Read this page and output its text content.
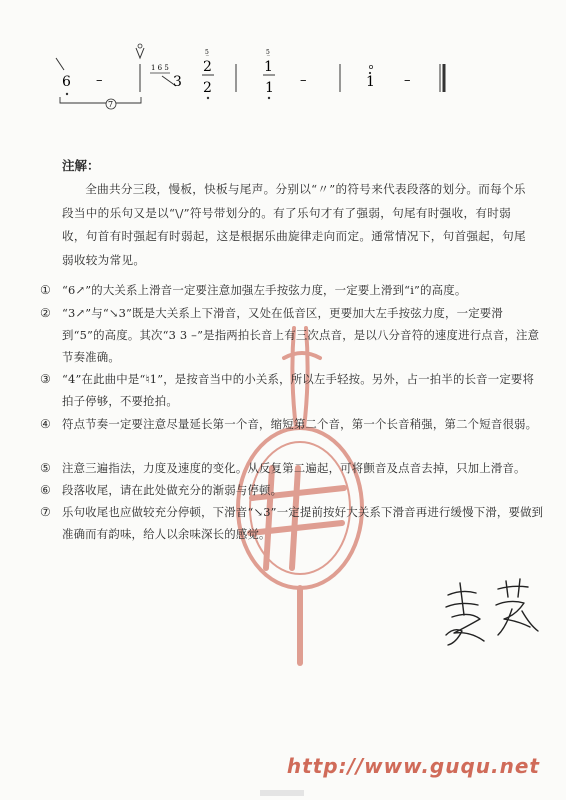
6 –
1 6 5
3
5̲
2
2
5̲
1
1 –	1 –
7
注解：
全曲共分三段，慢板，快板与尾声。分别以“〃”的符号来代表段落的划分。而每个乐段当中的乐句又是以“\/”符号带划分的。有了乐句才有了强弱，句尾有时强收，有时弱收，句首有时强起有时弱起，这是根据乐曲旋律走向而定。通常情况下，句首强起，句尾弱收较为常见。
① “6↗”的大关系上滑音一定要注意加强左手按弦力度，一定要上滑到“i”的高度。
② “3↗”与“↘3”既是大关系上下滑音，又处在低音区，更要加大左手按弦力度，一定要滑到“5”的高度。其次“3 3 –”是指两拍长音上有三次点音，是以八分音符的速度进行点音，注意节奏准确。
③ “4”在此曲中是“♮1”，是按音当中的小关系，所以左手轻按。另外，占一拍半的长音一定要将拍子停够，不要抢拍。
④ 符点节奏一定要注意尽量延长第一个音，缩短第二个音，第一个长音稍强，第二个短音很弱。
⑤ 注意三遍指法，力度及速度的变化。从反复第二遍起，可将颤音及点音去掉，只加上滑音。
⑥ 段落收尾，请在此处做充分的渐弱与停顿。
⑦ 乐句收尾也应做较充分停顿，下滑音“↘3”一定提前按好大关系下滑音再进行缓慢下滑，要做到准确而有韵味，给人以余味深长的感觉。
http://www.guqu.net
